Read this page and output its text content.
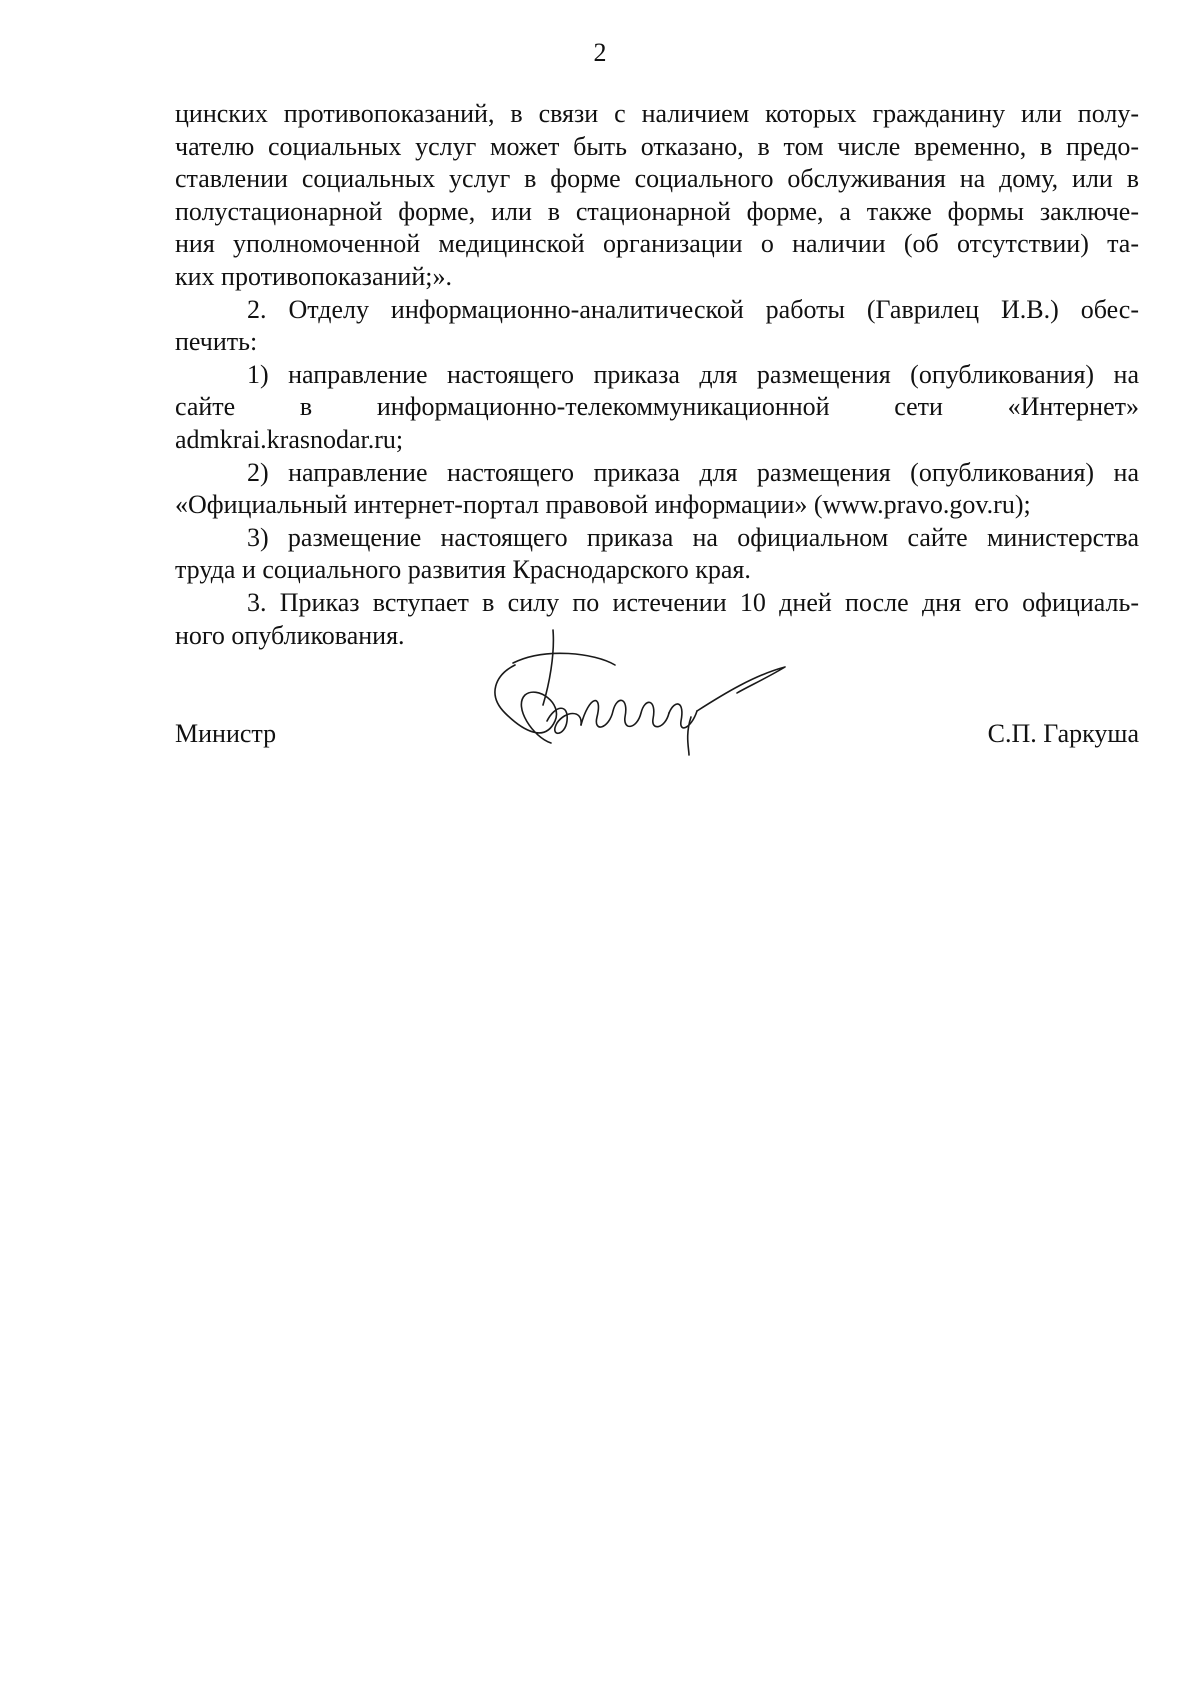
2

цинских противопоказаний, в связи с наличием которых гражданину или полу-
чателю социальных услуг может быть отказано, в том числе временно, в предо-
ставлении социальных услуг в форме социального обслуживания на дому, или в
полустационарной форме, или в стационарной форме, а также формы заключе-
ния уполномоченной медицинской организации о наличии (об отсутствии) та-
ких противопоказаний;».

2. Отделу информационно-аналитической работы (Гаврилец И.В.) обес-
печить:

1) направление настоящего приказа для размещения (опубликования) на
сайте в информационно-телекоммуникационной сети «Интернет»
admkrai.krasnodar.ru;

2) направление настоящего приказа для размещения (опубликования) на
«Официальный интернет-портал правовой информации» (www.pravo.gov.ru);

3) размещение настоящего приказа на официальном сайте министерства
труда и социального развития Краснодарского края.

3. Приказ вступает в силу по истечении 10 дней после дня его официаль-
ного опубликования.

Министр	С.П. Гаркуша
